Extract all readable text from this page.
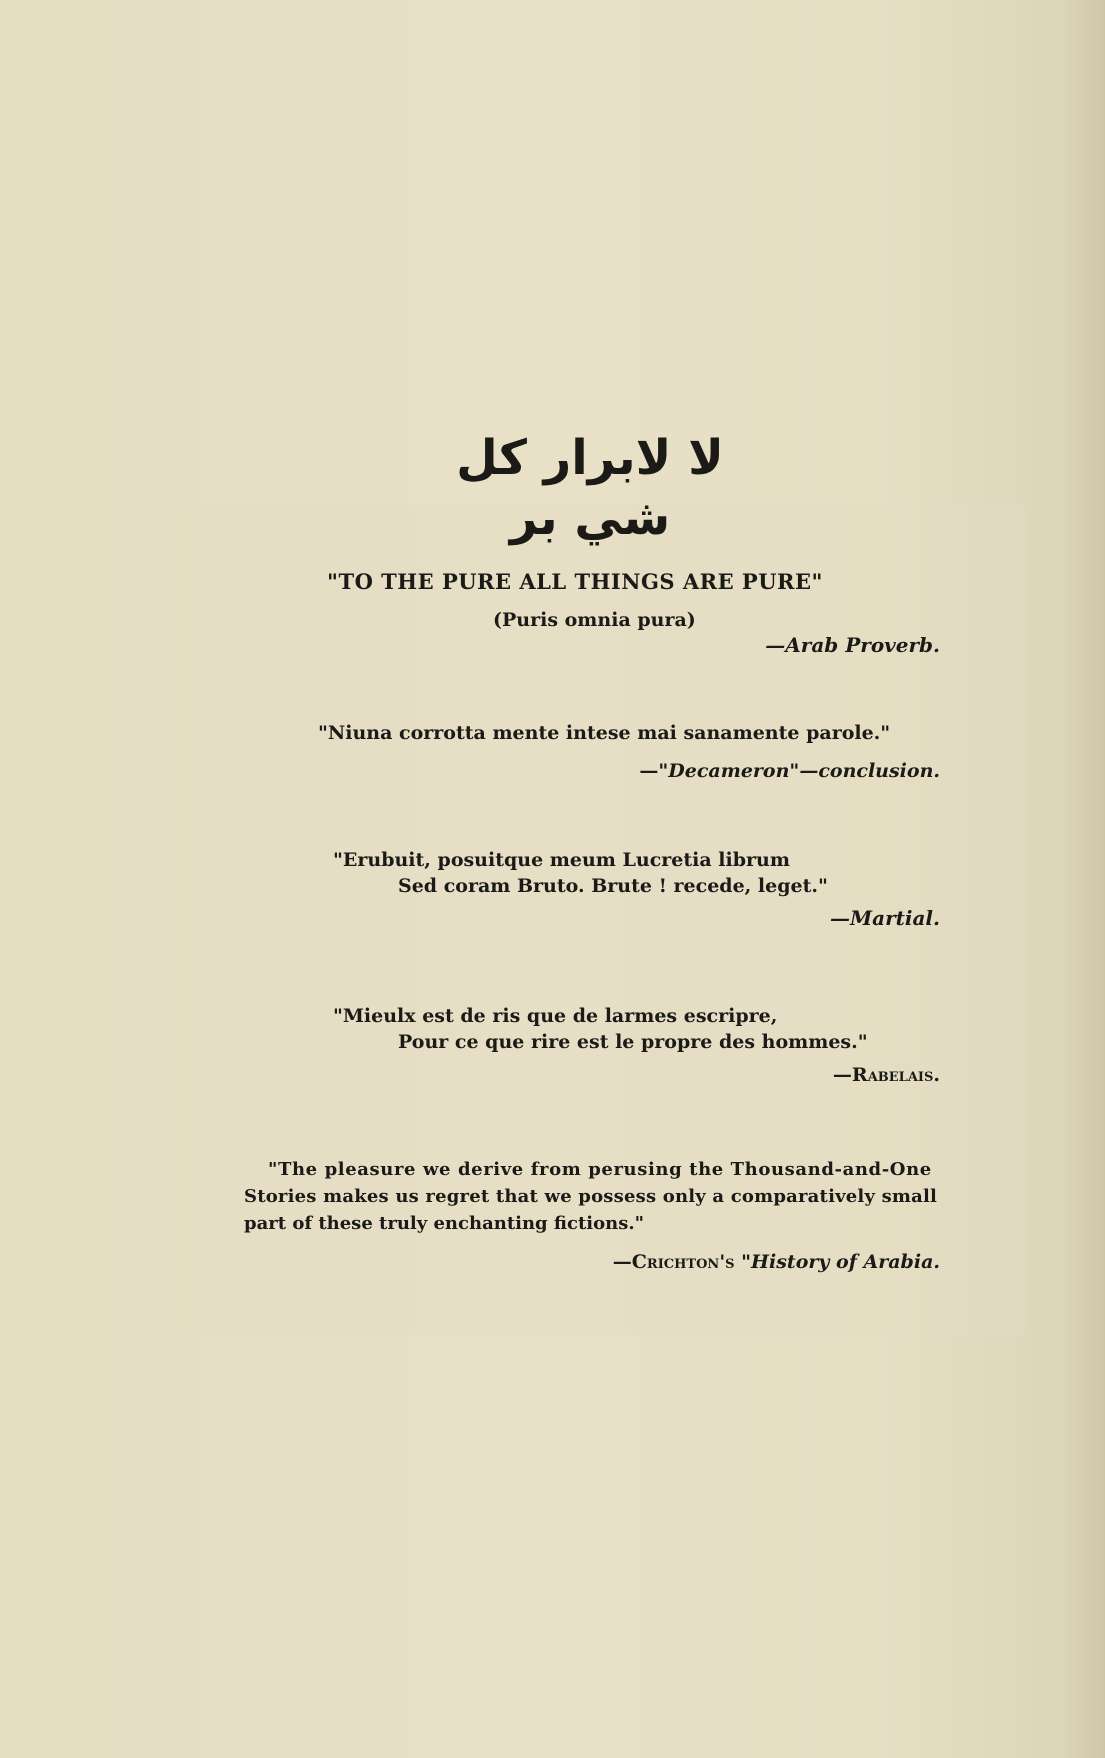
لا لابرار كل شي بر
"TO THE PURE ALL THINGS ARE PURE"
(Puris omnia pura)
—Arab Proverb.
"Niuna corrotta mente intese mai sanamente parole."
—"Decameron"—conclusion.
"Erubuit, posuitque meum Lucretia librum
Sed coram Bruto. Brute ! recede, leget."
—Martial.
"Mieulx est de ris que de larmes escripre,
Pour ce que rire est le propre des hommes."
—Rabelais.
"The pleasure we derive from perusing the Thousand-and-One
Stories makes us regret that we possess only a comparatively small
part of these truly enchanting fictions."
—Crichton's "History of Arabia.
